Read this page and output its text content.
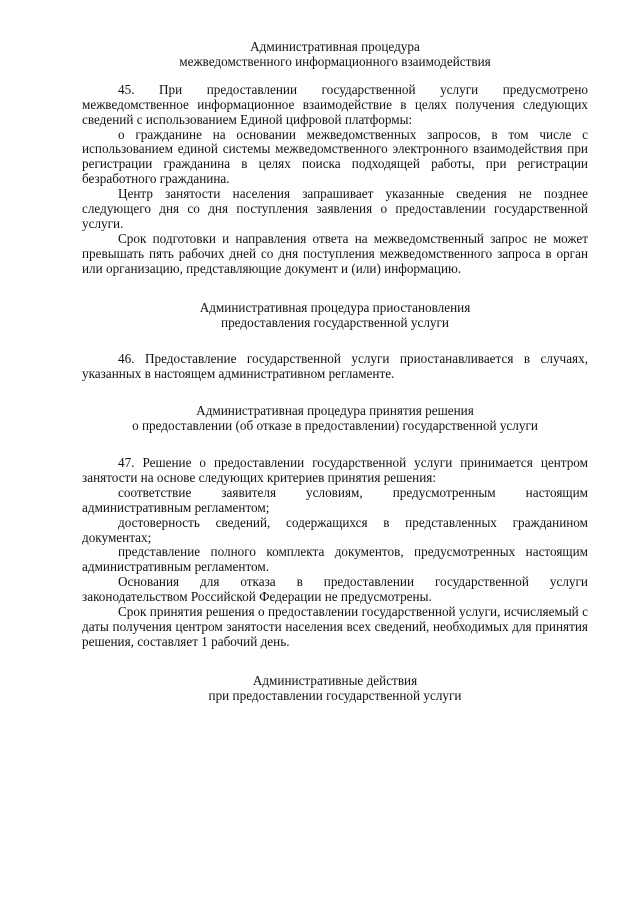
Административная процедура
межведомственного информационного взаимодействия

45. При предоставлении государственной услуги предусмотрено межведомственное информационное взаимодействие в целях получения следующих сведений с использованием Единой цифровой платформы:

о гражданине на основании межведомственных запросов, в том числе с использованием единой системы межведомственного электронного взаимодействия при регистрации гражданина в целях поиска подходящей работы, при регистрации безработного гражданина.

Центр занятости населения запрашивает указанные сведения не позднее следующего дня со дня поступления заявления о предоставлении государственной услуги.

Срок подготовки и направления ответа на межведомственный запрос не может превышать пять рабочих дней со дня поступления межведомственного запроса в орган или организацию, представляющие документ и (или) информацию.

Административная процедура приостановления
предоставления государственной услуги

46. Предоставление государственной услуги приостанавливается в случаях, указанных в настоящем административном регламенте.

Административная процедура принятия решения
о предоставлении (об отказе в предоставлении) государственной услуги

47. Решение о предоставлении государственной услуги принимается центром занятости на основе следующих критериев принятия решения:

соответствие заявителя условиям, предусмотренным настоящим административным регламентом;

достоверность сведений, содержащихся в представленных гражданином документах;

представление полного комплекта документов, предусмотренных настоящим административным регламентом.

Основания для отказа в предоставлении государственной услуги законодательством Российской Федерации не предусмотрены.

Срок принятия решения о предоставлении государственной услуги, исчисляемый с даты получения центром занятости населения всех сведений, необходимых для принятия решения, составляет 1 рабочий день.

Административные действия
при предоставлении государственной услуги
